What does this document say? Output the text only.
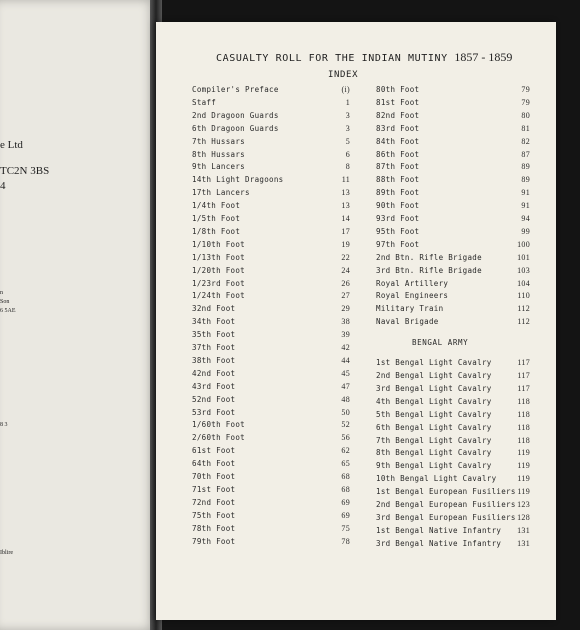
e Ltd
TC2N 3BS
4
n
Son
6 5AE
8 3
Iblire
CASUALTY ROLL FOR THE INDIAN MUTINY 1857 - 1859
INDEX
Compiler's Preface	(i)
Staff	1
2nd Dragoon Guards	3
6th Dragoon Guards	3
7th Hussars	5
8th Hussars	6
9th Lancers	8
14th Light Dragoons	11
17th Lancers	13
1/4th Foot	13
1/5th Foot	14
1/8th Foot	17
1/10th Foot	19
1/13th Foot	22
1/20th Foot	24
1/23rd Foot	26
1/24th Foot	27
32nd Foot	29
34th Foot	38
35th Foot	39
37th Foot	42
38th Foot	44
42nd Foot	45
43rd Foot	47
52nd Foot	48
53rd Foot	50
1/60th Foot	52
2/60th Foot	56
61st Foot	62
64th Foot	65
70th Foot	68
71st Foot	68
72nd Foot	69
75th Foot	69
78th Foot	75
79th Foot	78
80th Foot	79
81st Foot	79
82nd Foot	80
83rd Foot	81
84th Foot	82
86th Foot	87
87th Foot	89
88th Foot	89
89th Foot	91
90th Foot	91
93rd Foot	94
95th Foot	99
97th Foot	100
2nd Btn. Rifle Brigade	101
3rd Btn. Rifle Brigade	103
Royal Artillery	104
Royal Engineers	110
Military Train	112
Naval Brigade	112
BENGAL ARMY
1st Bengal Light Cavalry	117
2nd Bengal Light Cavalry	117
3rd Bengal Light Cavalry	117
4th Bengal Light Cavalry	118
5th Bengal Light Cavalry	118
6th Bengal Light Cavalry	118
7th Bengal Light Cavalry	118
8th Bengal Light Cavalry	119
9th Bengal Light Cavalry	119
10th Bengal Light Cavalry	119
1st Bengal European Fusiliers 119
2nd Bengal European Fusiliers 123
3rd Bengal European Fusiliers 128
1st Bengal Native Infantry	131
3rd Bengal Native Infantry	131
